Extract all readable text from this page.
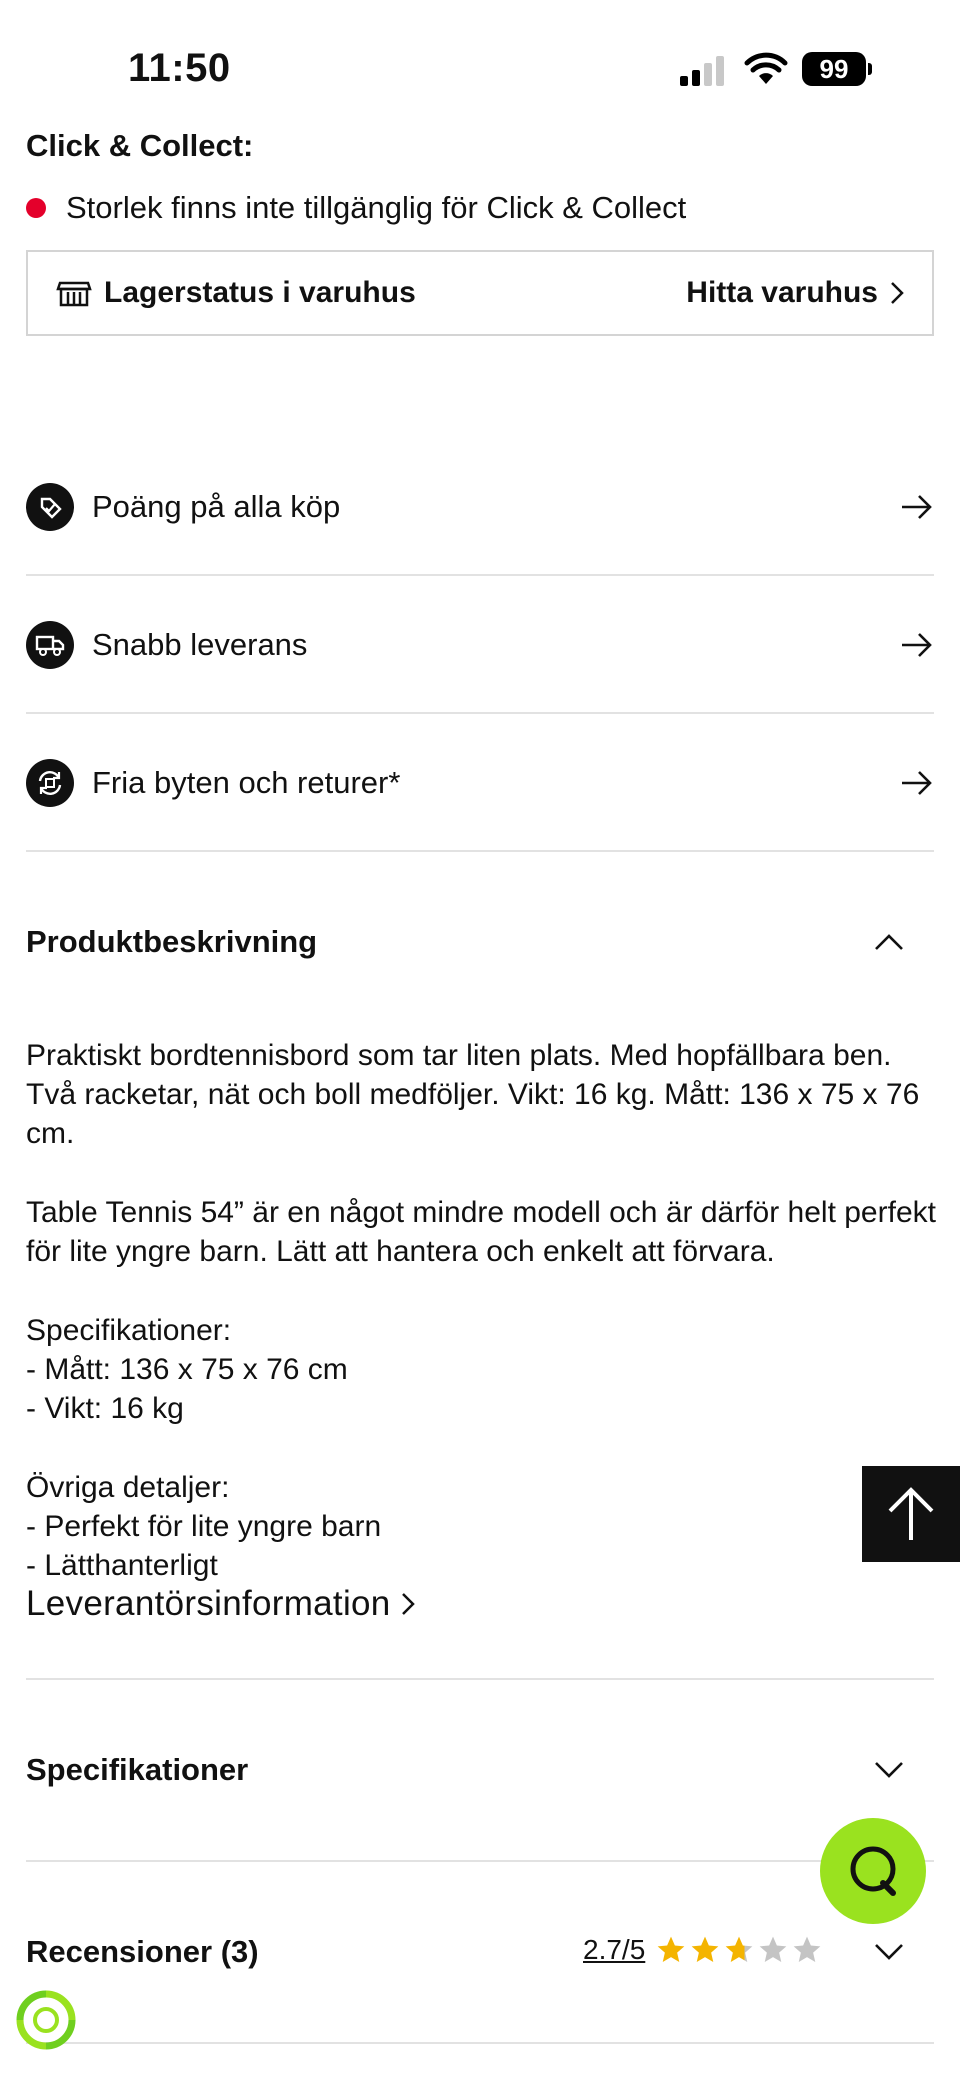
11:50	99
Click & Collect:
Storlek finns inte tillgänglig för Click & Collect
Lagerstatus i varuhus	Hitta varuhus
Poäng på alla köp
Snabb leverans
Fria byten och returer*
Produktbeskrivning
Praktiskt bordtennisbord som tar liten plats. Med hopfällbara ben. Två racketar, nät och boll medföljer. Vikt: 16 kg. Mått: 136 x 75 x 76 cm.
Table Tennis 54” är en något mindre modell och är därför helt perfekt för lite yngre barn. Lätt att hantera och enkelt att förvara.
Specifikationer:
- Mått: 136 x 75 x 76 cm
- Vikt: 16 kg
Övriga detaljer:
- Perfekt för lite yngre barn
- Lätthanterligt
Leverantörsinformation
Specifikationer
Recensioner (3)	2.7/5
